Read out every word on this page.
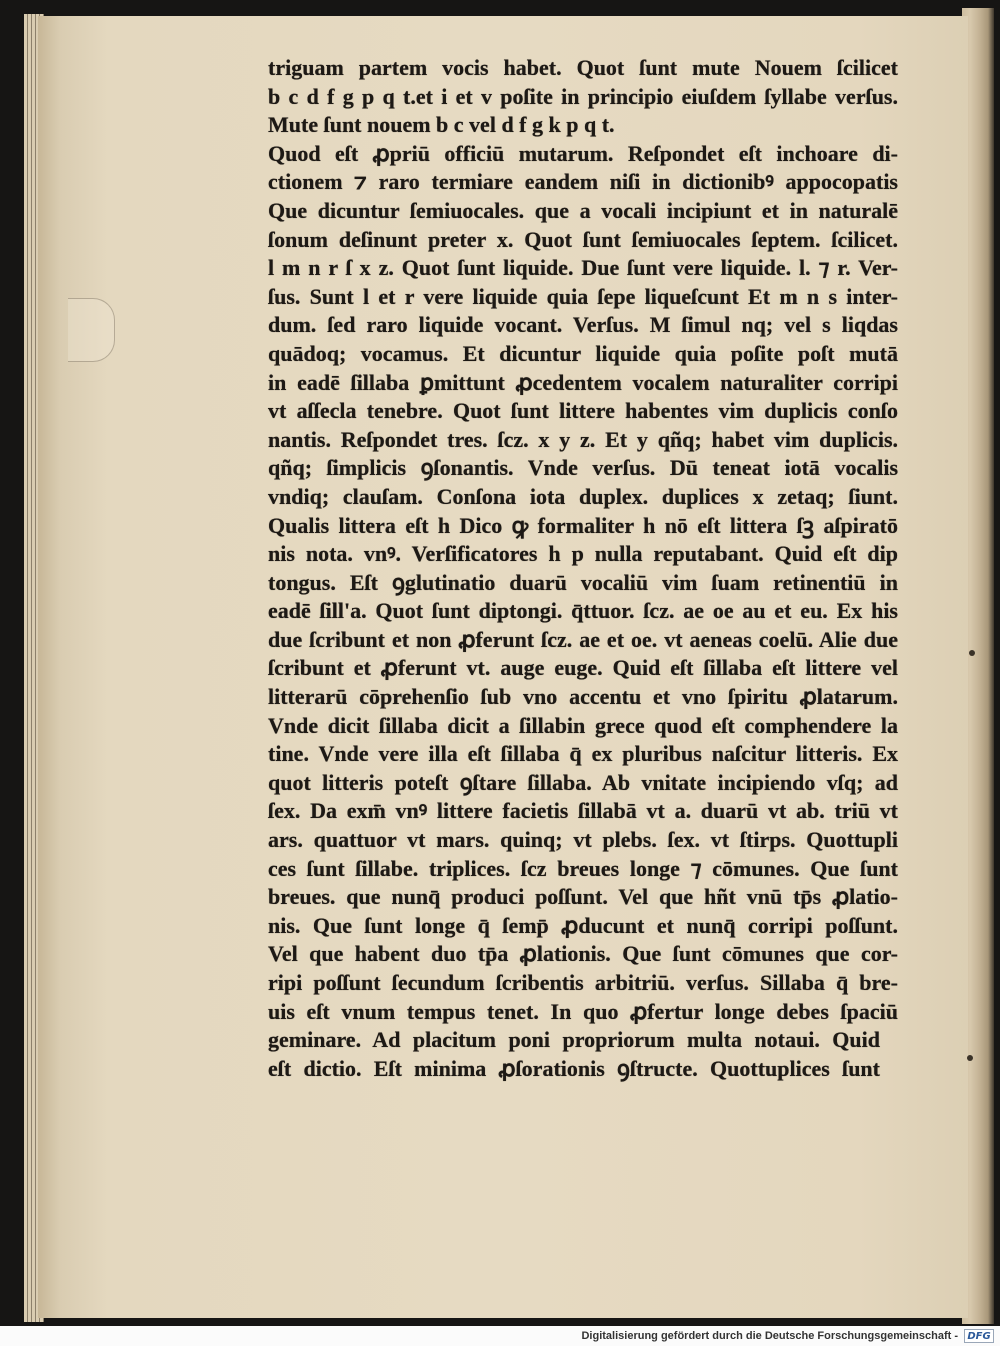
triguam partem vocis habet. Quot ſunt mute Nouem ſcilicet
b c d f g p q t.et i et v poſite in principio eiuſdem ſyllabe verſus.
Mute ſunt nouem b c vel d f g k p q t.
Quod eſt ꝓpriū officiū mutarum. Reſpondet eſt inchoare di-
ctionem ⁊ raro termiare eandem niſi in dictionibꝰ appocopatis
Que dicuntur ſemiuocales. que a vocali incipiunt et in naturalē
ſonum deſinunt preter x. Quot ſunt ſemiuocales ſeptem. ſcilicet.
l m n r ſ x z. Quot ſunt liquide. Due ſunt vere liquide. l. ⁊ r. Ver-
ſus. Sunt l et r vere liquide quia ſepe liqueſcunt Et m n s inter-
dum. ſed raro liquide vocant. Verſus. M ſimul nq; vel s liqdas
quādoq; vocamus. Et dicuntur liquide quia poſite poſt mutā
in eadē ſillaba ꝑmittunt ꝓcedentem vocalem naturaliter corripi
vt aſſecla tenebre. Quot ſunt littere habentes vim duplicis conſo
nantis. Reſpondet tres. ſcz. x y z. Et y qñq; habet vim duplicis.
qñq; ſimplicis ꝯſonantis. Vnde verſus. Dū teneat iotā vocalis
vndiq; clauſam. Conſona iota duplex. duplices x zetaq; ſiunt.
Qualis littera eſt h Dico ꝙ formaliter h nō eſt littera ſꝫ aſpiratō
nis nota. vnꝰ. Verſificatores h p nulla reputabant. Quid eſt dip
tongus. Eſt ꝯglutinatio duarū vocaliū vim ſuam retinentiū in
eadē ſill'a. Quot ſunt diptongi. q̄ttuor. ſcz. ae oe au et eu. Ex his
due ſcribunt et non ꝓferunt ſcz. ae et oe. vt aeneas coelū. Alie due
ſcribunt et ꝓferunt vt. auge euge. Quid eſt ſillaba eſt littere vel
litterarū cōprehenſio ſub vno accentu et vno ſpiritu ꝓlatarum.
Vnde dicit ſillaba dicit a ſillabin grece quod eſt comphendere la
tine. Vnde vere illa eſt ſillaba q̄ ex pluribus naſcitur litteris. Ex
quot litteris poteſt ꝯſtare ſillaba. Ab vnitate incipiendo vſq; ad
ſex. Da exm̄ vnꝰ littere facietis ſillabā vt a. duarū vt ab. triū vt
ars. quattuor vt mars. quinq; vt plebs. ſex. vt ſtirps. Quottupli
ces ſunt ſillabe. triplices. ſcz breues longe ⁊ cōmunes. Que ſunt
breues. que nunq̄ produci poſſunt. Vel que hñt vnū tp̄s ꝓlatio-
nis. Que ſunt longe q̄ ſemp̄ ꝓducunt et nunq̄ corripi poſſunt.
Vel que habent duo tp̄a ꝓlationis. Que ſunt cōmunes que cor-
ripi poſſunt ſecundum ſcribentis arbitriū. verſus. Sillaba q̄ bre-
uis eſt vnum tempus tenet. In quo ꝓfertur longe debes ſpaciū
geminare. Ad placitum poni propriorum multa notaui. Quid
eſt dictio. Eſt minima ꝓſorationis ꝯſtructe. Quottuplices ſunt
Digitalisierung gefördert durch die Deutsche Forschungsgemeinschaft - DFG
